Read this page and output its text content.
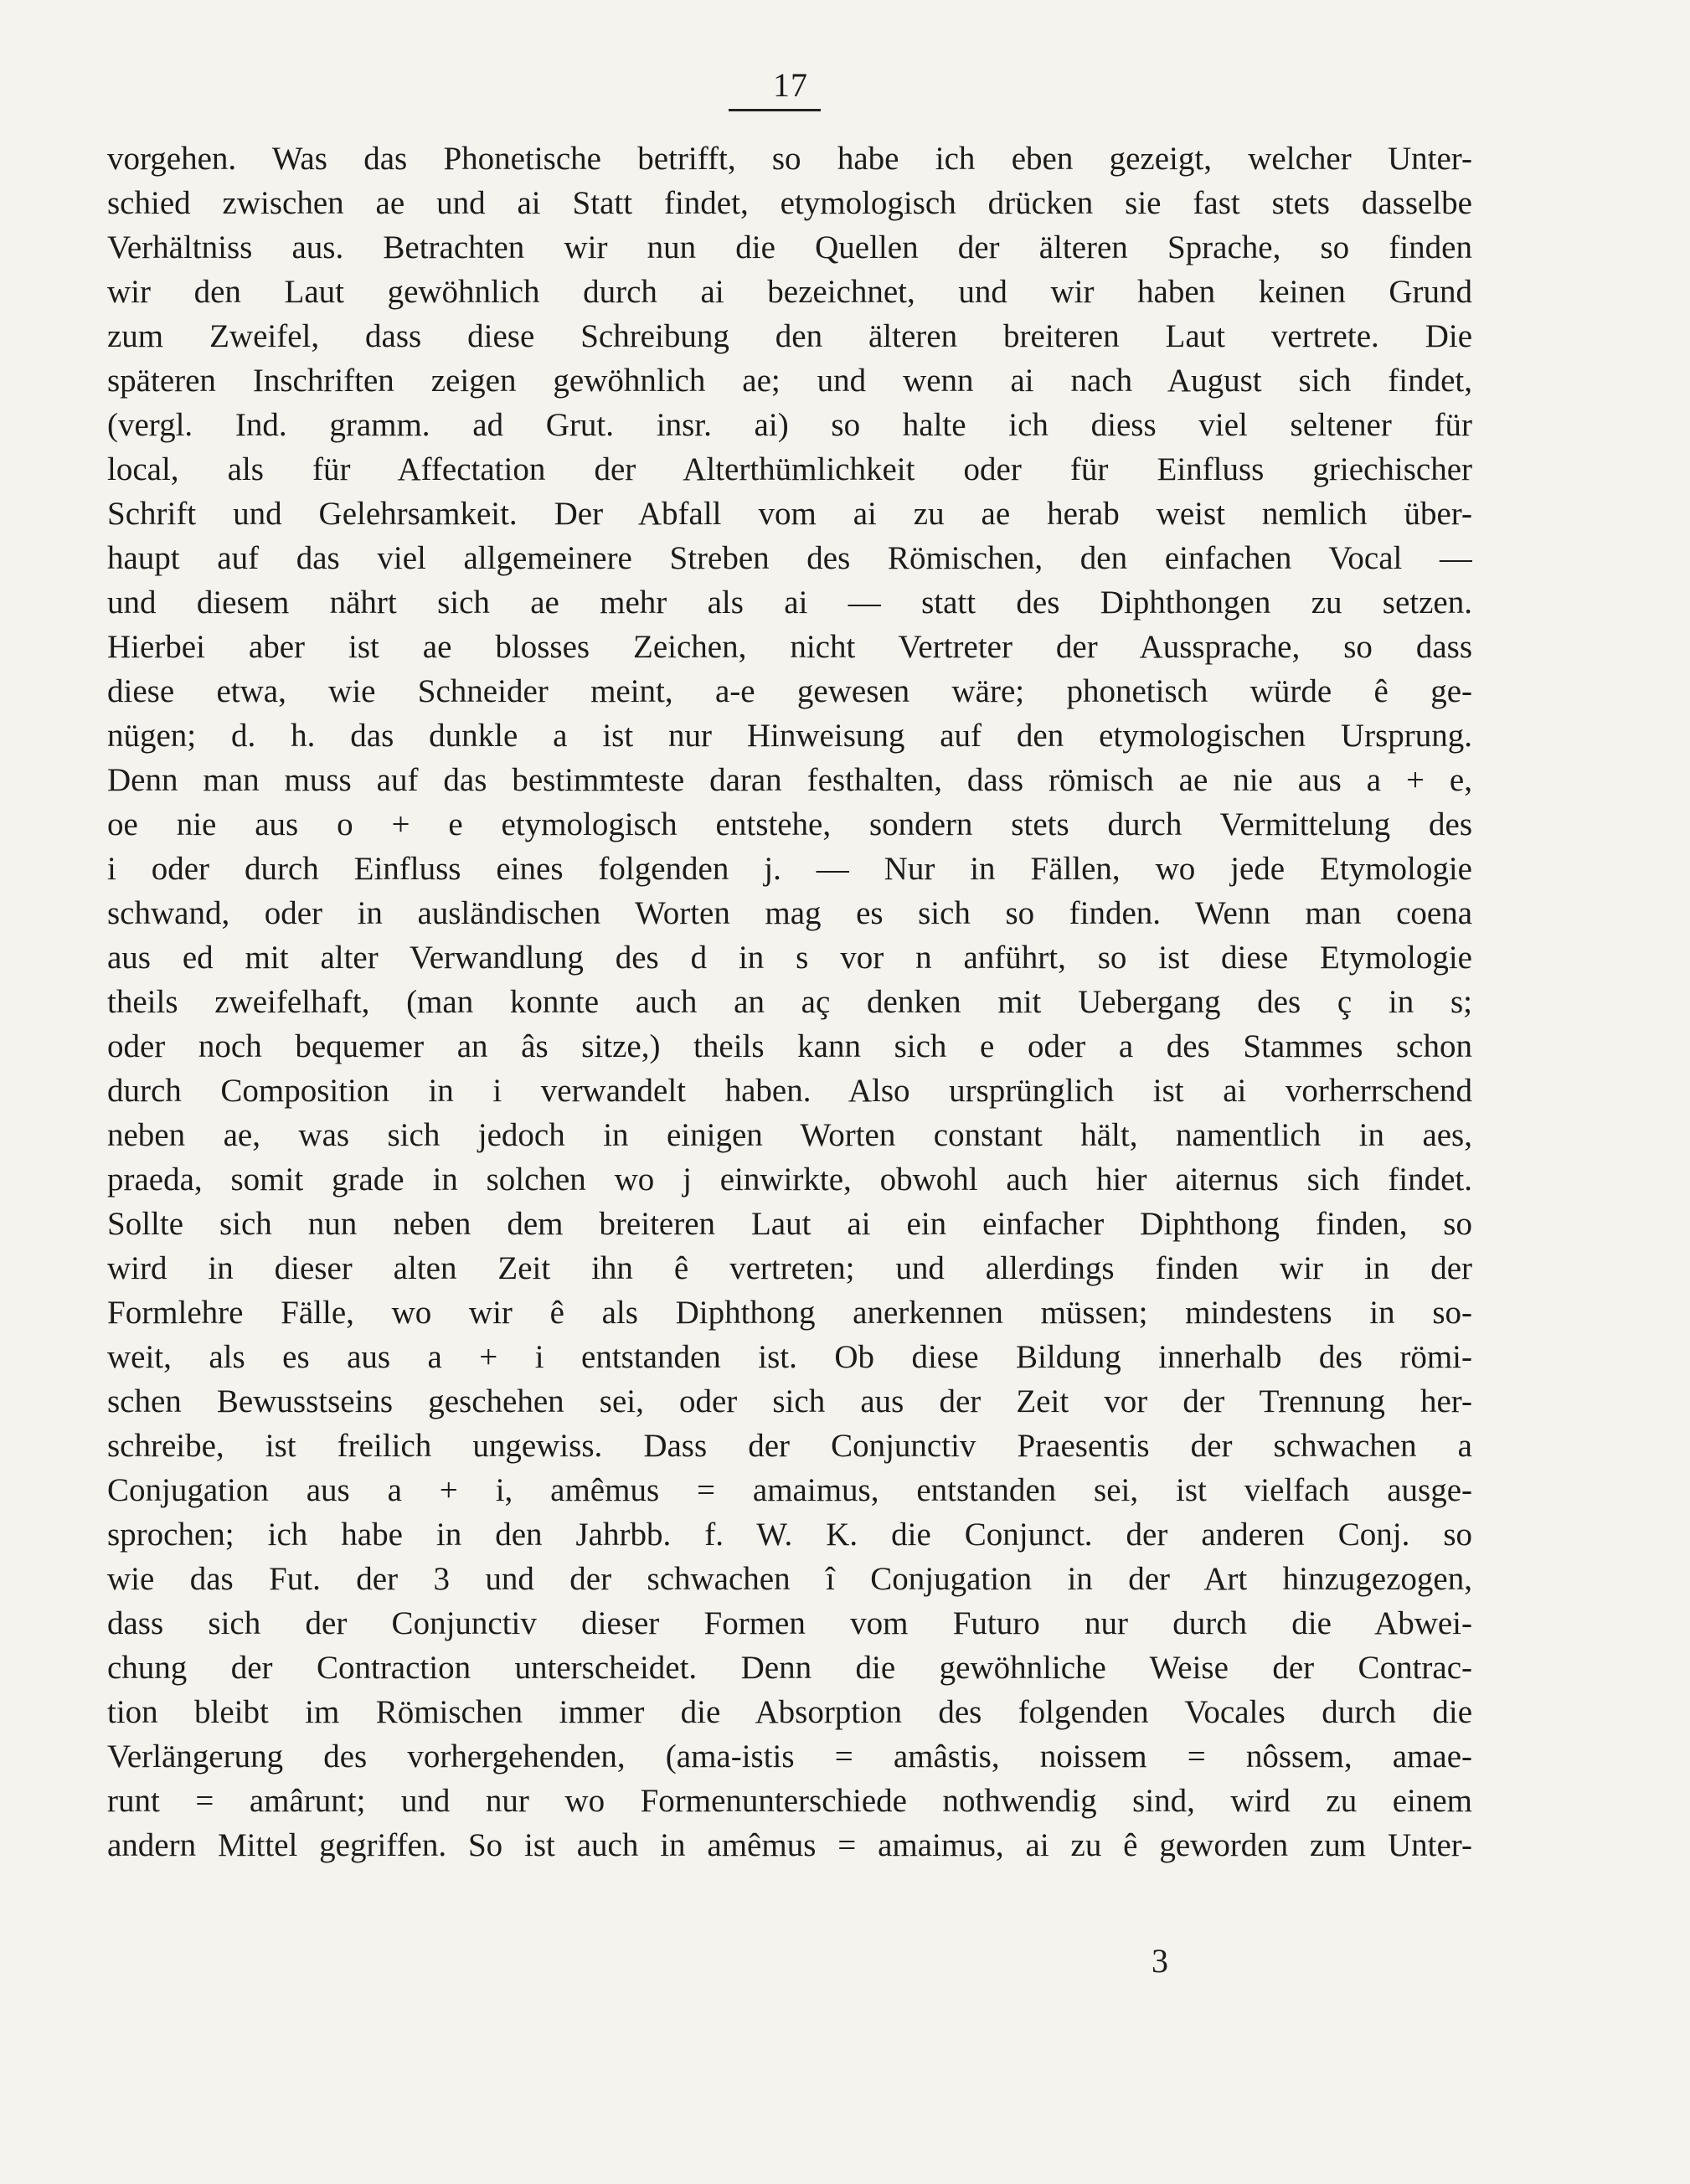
17
vorgehen. Was das Phonetische betrifft, so habe ich eben gezeigt, welcher Unter-
schied zwischen ae und ai Statt findet, etymologisch drücken sie fast stets dasselbe
Verhältniss aus. Betrachten wir nun die Quellen der älteren Sprache, so finden
wir den Laut gewöhnlich durch ai bezeichnet, und wir haben keinen Grund
zum Zweifel, dass diese Schreibung den älteren breiteren Laut vertrete. Die
späteren Inschriften zeigen gewöhnlich ae; und wenn ai nach August sich findet,
(vergl. Ind. gramm. ad Grut. insr. ai) so halte ich diess viel seltener für
local, als für Affectation der Alterthümlichkeit oder für Einfluss griechischer
Schrift und Gelehrsamkeit. Der Abfall vom ai zu ae herab weist nemlich über-
haupt auf das viel allgemeinere Streben des Römischen, den einfachen Vocal —
und diesem nährt sich ae mehr als ai — statt des Diphthongen zu setzen.
Hierbei aber ist ae blosses Zeichen, nicht Vertreter der Aussprache, so dass
diese etwa, wie Schneider meint, a-e gewesen wäre; phonetisch würde ê ge-
nügen; d. h. das dunkle a ist nur Hinweisung auf den etymologischen Ursprung.
Denn man muss auf das bestimmteste daran festhalten, dass römisch ae nie aus a + e,
oe nie aus o + e etymologisch entstehe, sondern stets durch Vermittelung des
i oder durch Einfluss eines folgenden j. — Nur in Fällen, wo jede Etymologie
schwand, oder in ausländischen Worten mag es sich so finden. Wenn man coena
aus ed mit alter Verwandlung des d in s vor n anführt, so ist diese Etymologie
theils zweifelhaft, (man konnte auch an aç denken mit Uebergang des ç in s;
oder noch bequemer an âs sitze,) theils kann sich e oder a des Stammes schon
durch Composition in i verwandelt haben. Also ursprünglich ist ai vorherrschend
neben ae, was sich jedoch in einigen Worten constant hält, namentlich in aes,
praeda, somit grade in solchen wo j einwirkte, obwohl auch hier aiternus sich findet.
Sollte sich nun neben dem breiteren Laut ai ein einfacher Diphthong finden, so
wird in dieser alten Zeit ihn ê vertreten; und allerdings finden wir in der
Formlehre Fälle, wo wir ê als Diphthong anerkennen müssen; mindestens in so-
weit, als es aus a + i entstanden ist. Ob diese Bildung innerhalb des römi-
schen Bewusstseins geschehen sei, oder sich aus der Zeit vor der Trennung her-
schreibe, ist freilich ungewiss. Dass der Conjunctiv Praesentis der schwachen a
Conjugation aus a + i, amêmus = amaimus, entstanden sei, ist vielfach ausge-
sprochen; ich habe in den Jahrbb. f. W. K. die Conjunct. der anderen Conj. so
wie das Fut. der 3 und der schwachen î Conjugation in der Art hinzugezogen,
dass sich der Conjunctiv dieser Formen vom Futuro nur durch die Abwei-
chung der Contraction unterscheidet. Denn die gewöhnliche Weise der Contrac-
tion bleibt im Römischen immer die Absorption des folgenden Vocales durch die
Verlängerung des vorhergehenden, (ama-istis = amâstis, noissem = nôssem, amae-
runt = amârunt; und nur wo Formenunterschiede nothwendig sind, wird zu einem
andern Mittel gegriffen. So ist auch in amêmus = amaimus, ai zu ê geworden zum Unter-
3
